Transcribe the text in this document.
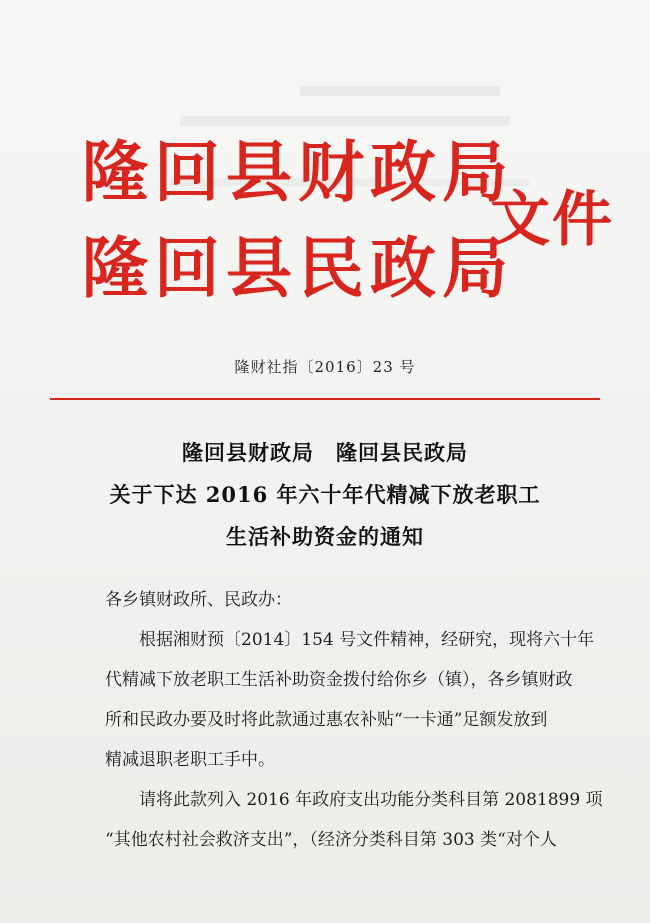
隆回县财政局
隆回县民政局
文件
隆财社指〔2016〕23 号
隆回县财政局　隆回县民政局
关于下达 2016 年六十年代精减下放老职工
生活补助资金的通知
各乡镇财政所、民政办：
根据湘财预〔2014〕154 号文件精神，经研究，现将六十年
代精减下放老职工生活补助资金拨付给你乡（镇），各乡镇财政
所和民政办要及时将此款通过惠农补贴“一卡通”足额发放到
精减退职老职工手中。
请将此款列入 2016 年政府支出功能分类科目第 2081899 项
“其他农村社会救济支出”，（经济分类科目第 303 类“对个人
